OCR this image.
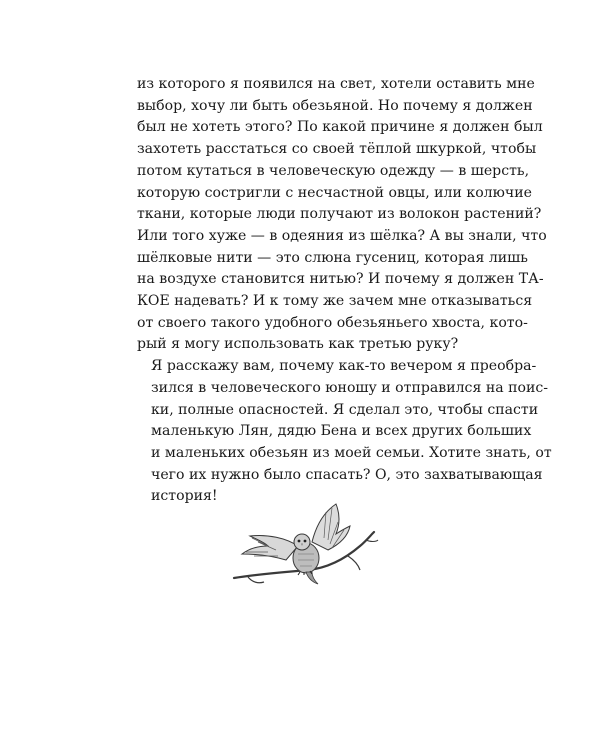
из которого я появился на свет, хотели оставить мне
выбор, хочу ли быть обезьяной. Но почему я должен
был не хотеть этого? По какой причине я должен был
захотеть расстаться со своей тёплой шкуркой, чтобы
потом кутаться в человеческую одежду — в шерсть,
которую состригли с несчастной овцы, или колючие
ткани, которые люди получают из волокон растений?
Или того хуже — в одеяния из шёлка? А вы знали, что
шёлковые нити — это слюна гусениц, которая лишь
на воздухе становится нитью? И почему я должен ТА-
КОЕ надевать? И к тому же зачем мне отказываться
от своего такого удобного обезьяньего хвоста, кото-
рый я могу использовать как третью руку?
Я расскажу вам, почему как-то вечером я преобра-
зился в человеческого юношу и отправился на поис-
ки, полные опасностей. Я сделал это, чтобы спасти
маленькую Лян, дядю Бена и всех других больших
и маленьких обезьян из моей семьи. Хотите знать, от
чего их нужно было спасать? О, это захватывающая
история!
